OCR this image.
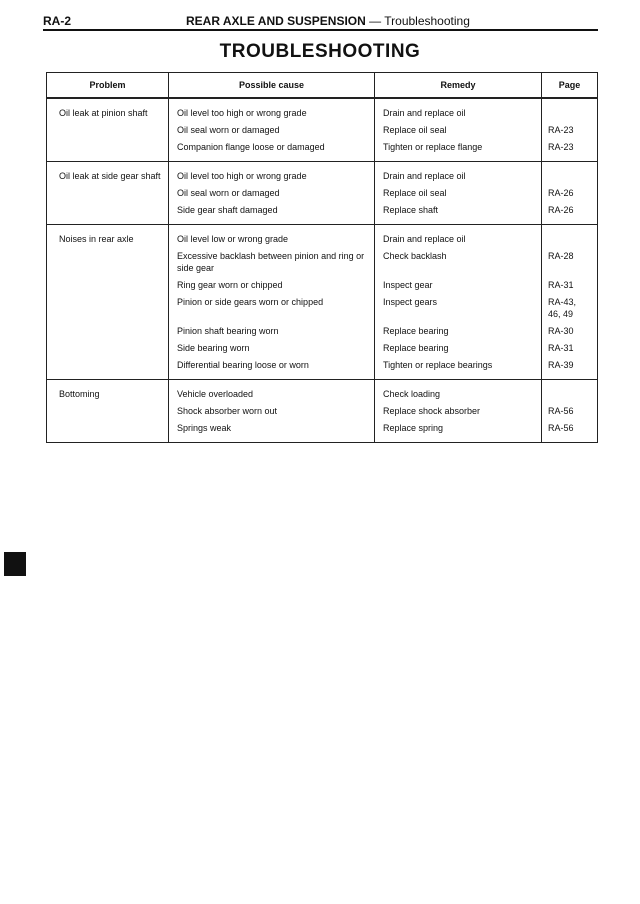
RA-2	REAR AXLE AND SUSPENSION — Troubleshooting
TROUBLESHOOTING
Problem	Possible cause	Remedy	Page
Oil leak at pinion shaft	Oil level too high or wrong grade	Drain and replace oil	
	Oil seal worn or damaged	Replace oil seal	RA-23
	Companion flange loose or damaged	Tighten or replace flange	RA-23
Oil leak at side gear shaft	Oil level too high or wrong grade	Drain and replace oil	
	Oil seal worn or damaged	Replace oil seal	RA-26
	Side gear shaft damaged	Replace shaft	RA-26
Noises in rear axle	Oil level low or wrong grade	Drain and replace oil	
	Excessive backlash between pinion and ring or side gear	Check backlash	RA-28
	Ring gear worn or chipped	Inspect gear	RA-31
	Pinion or side gears worn or chipped	Inspect gears	RA-43, 46, 49
	Pinion shaft bearing worn	Replace bearing	RA-30
	Side bearing worn	Replace bearing	RA-31
	Differential bearing loose or worn	Tighten or replace bearings	RA-39
Bottoming	Vehicle overloaded	Check loading	
	Shock absorber worn out	Replace shock absorber	RA-56
	Springs weak	Replace spring	RA-56
